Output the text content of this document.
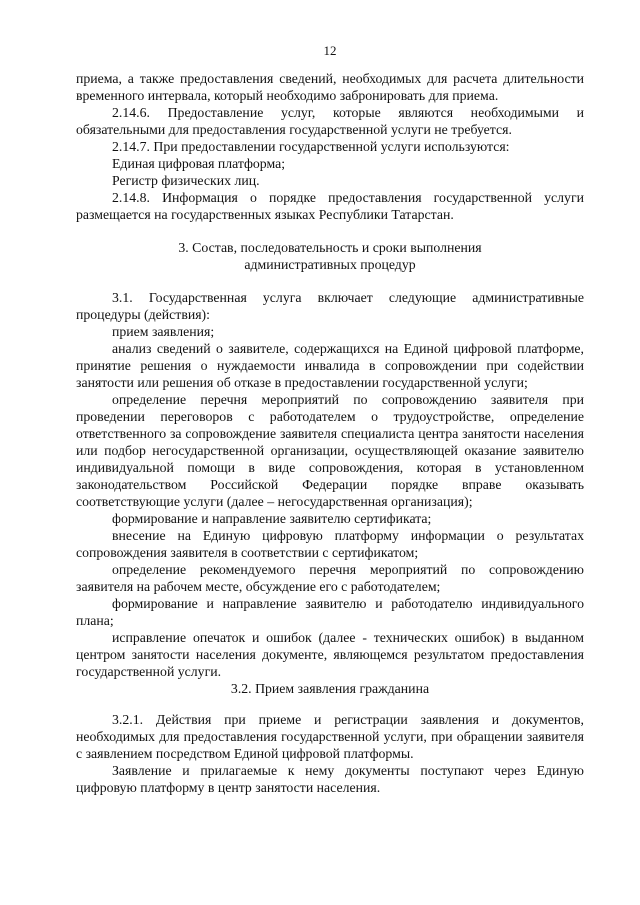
12

приема, а также предоставления сведений, необходимых для расчета длительности временного интервала, который необходимо забронировать для приема.

2.14.6. Предоставление услуг, которые являются необходимыми и обязательными для предоставления государственной услуги не требуется.

2.14.7. При предоставлении государственной услуги используются:

Единая цифровая платформа;

Регистр физических лиц.

2.14.8. Информация о порядке предоставления государственной услуги размещается на государственных языках Республики Татарстан.

3. Состав, последовательность и сроки выполнения
административных процедур

3.1. Государственная услуга включает следующие административные процедуры (действия):

прием заявления;

анализ сведений о заявителе, содержащихся на Единой цифровой платформе, принятие решения о нуждаемости инвалида в сопровождении при содействии занятости или решения об отказе в предоставлении государственной услуги;

определение перечня мероприятий по сопровождению заявителя при проведении переговоров с работодателем о трудоустройстве, определение ответственного за сопровождение заявителя специалиста центра занятости населения или подбор негосударственной организации, осуществляющей оказание заявителю индивидуальной помощи в виде сопровождения, которая в установленном законодательством Российской Федерации порядке вправе оказывать соответствующие услуги (далее – негосударственная организация);

формирование и направление заявителю сертификата;

внесение на Единую цифровую платформу информации о результатах сопровождения заявителя в соответствии с сертификатом;

определение рекомендуемого перечня мероприятий по сопровождению заявителя на рабочем месте, обсуждение его с работодателем;

формирование и направление заявителю и работодателю индивидуального плана;

исправление опечаток и ошибок (далее - технических ошибок) в выданном центром занятости населения документе, являющемся результатом предоставления государственной услуги.

3.2. Прием заявления гражданина

3.2.1. Действия при приеме и регистрации заявления и документов, необходимых для предоставления государственной услуги, при обращении заявителя с заявлением посредством Единой цифровой платформы.

Заявление и прилагаемые к нему документы поступают через Единую цифровую платформу в центр занятости населения.
